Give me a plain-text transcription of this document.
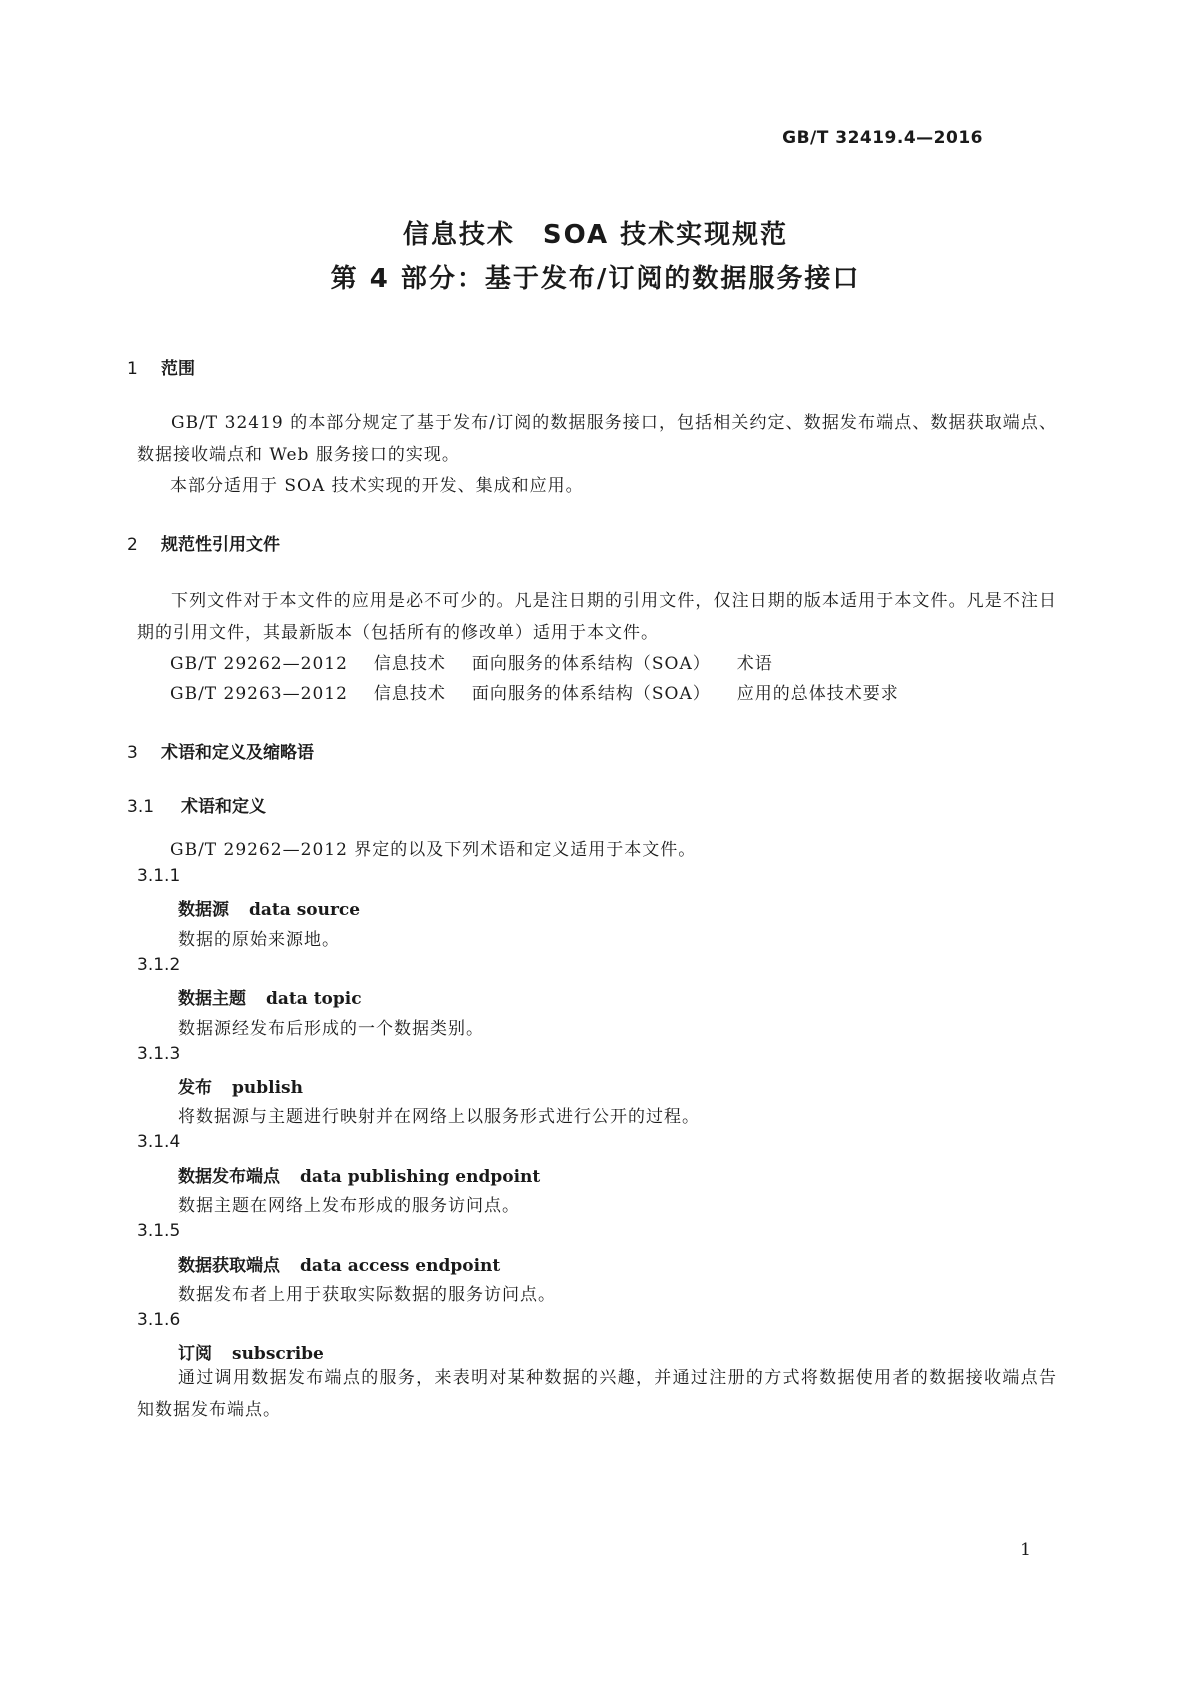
GB/T 32419.4—2016
信息技术　SOA 技术实现规范
第 4 部分：基于发布/订阅的数据服务接口
1 范围
GB/T 32419 的本部分规定了基于发布/订阅的数据服务接口，包括相关约定、数据发布端点、数据获取端点、数据接收端点和 Web 服务接口的实现。
本部分适用于 SOA 技术实现的开发、集成和应用。
2 规范性引用文件
下列文件对于本文件的应用是必不可少的。凡是注日期的引用文件，仅注日期的版本适用于本文件。凡是不注日期的引用文件，其最新版本（包括所有的修改单）适用于本文件。
GB/T 29262—2012 信息技术 面向服务的体系结构（SOA） 术语
GB/T 29263—2012 信息技术 面向服务的体系结构（SOA） 应用的总体技术要求
3 术语和定义及缩略语
3.1 术语和定义
GB/T 29262—2012 界定的以及下列术语和定义适用于本文件。
3.1.1
数据源 data source
数据的原始来源地。
3.1.2
数据主题 data topic
数据源经发布后形成的一个数据类别。
3.1.3
发布 publish
将数据源与主题进行映射并在网络上以服务形式进行公开的过程。
3.1.4
数据发布端点 data publishing endpoint
数据主题在网络上发布形成的服务访问点。
3.1.5
数据获取端点 data access endpoint
数据发布者上用于获取实际数据的服务访问点。
3.1.6
订阅 subscribe
通过调用数据发布端点的服务，来表明对某种数据的兴趣，并通过注册的方式将数据使用者的数据接收端点告知数据发布端点。
1
